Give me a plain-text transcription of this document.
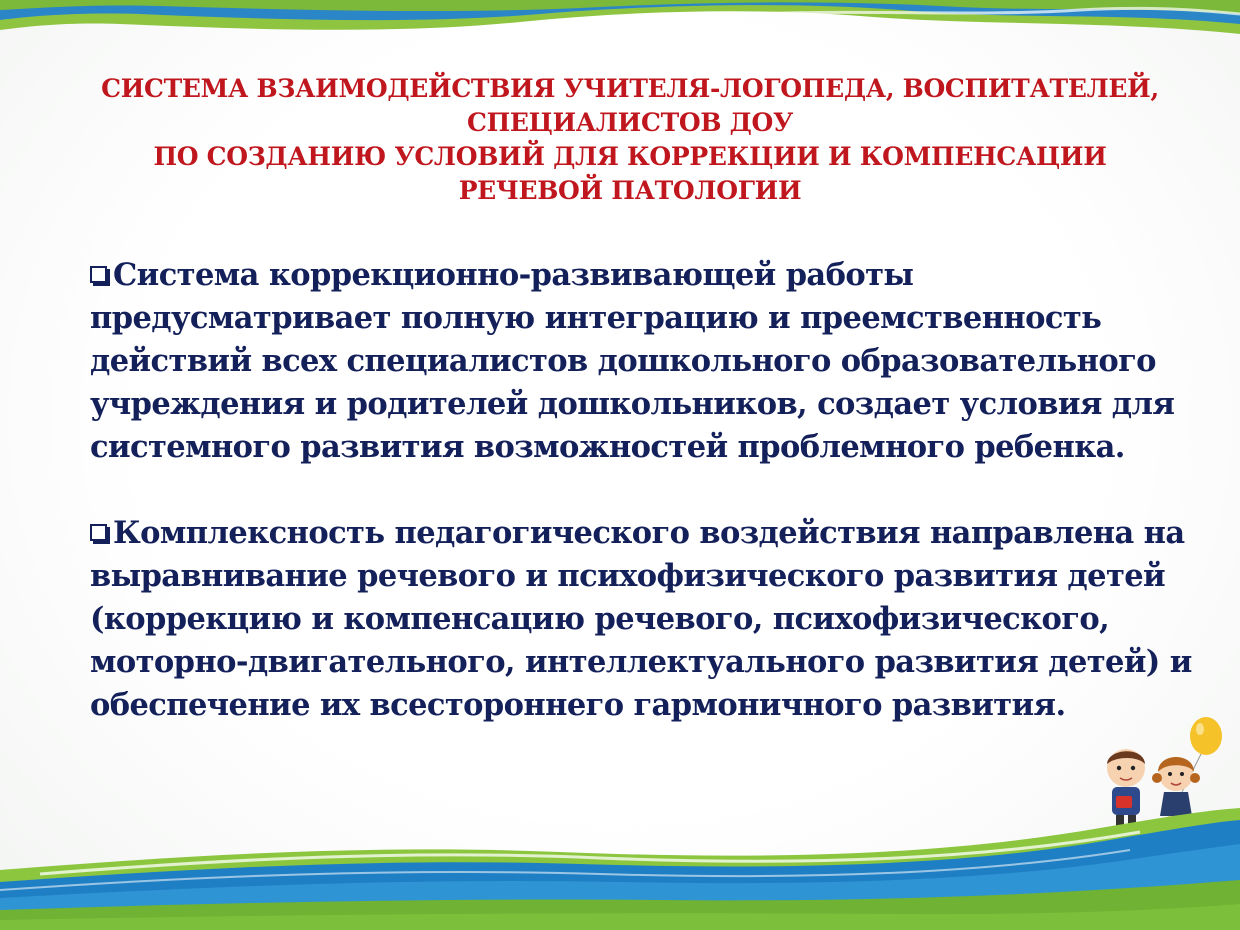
СИСТЕМА ВЗАИМОДЕЙСТВИЯ УЧИТЕЛЯ-ЛОГОПЕДА, ВОСПИТАТЕЛЕЙ,
СПЕЦИАЛИСТОВ ДОУ
ПО СОЗДАНИЮ УСЛОВИЙ ДЛЯ КОРРЕКЦИИ И КОМПЕНСАЦИИ
РЕЧЕВОЙ ПАТОЛОГИИ
Система коррекционно-развивающей работы
предусматривает полную интеграцию и преемственность
действий всех специалистов дошкольного образовательного
учреждения и родителей дошкольников, создает условия для
системного развития возможностей проблемного ребенка.
Комплексность педагогического воздействия направлена на
выравнивание речевого и психофизического развития детей
(коррекцию и компенсацию речевого, психофизического,
моторно-двигательного, интеллектуального развития детей) и
обеспечение их всестороннего гармоничного развития.
